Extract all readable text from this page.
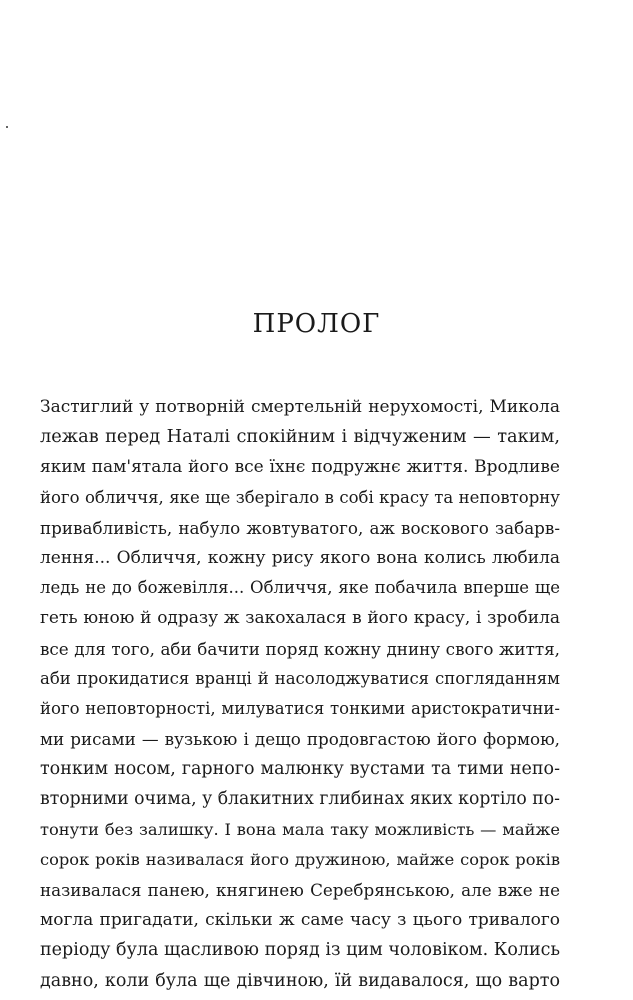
ПРОЛОГ
Застиглий у потворній смертельній нерухомості, Микола
лежав перед Наталі спокійним і відчуженим — таким,
яким пам'ятала його все їхнє подружнє життя. Вродливе
його обличчя, яке ще зберігало в собі красу та неповторну
привабливість, набуло жовтуватого, аж воскового забарв-
лення... Обличчя, кожну рису якого вона колись любила
ледь не до божевілля... Обличчя, яке побачила вперше ще
геть юною й одразу ж закохалася в його красу, і зробила
все для того, аби бачити поряд кожну днину свого життя,
аби прокидатися вранці й насолоджуватися спогляданням
його неповторності, милуватися тонкими аристократични-
ми рисами — вузькою і дещо продовгастою його формою,
тонким носом, гарного малюнку вустами та тими непо-
вторними очима, у блакитних глибинах яких кортіло по-
тонути без залишку. І вона мала таку можливість — майже
сорок років називалася його дружиною, майже сорок років
називалася панею, княгинею Серебрянською, але вже не
могла пригадати, скільки ж саме часу з цього тривалого
періоду була щасливою поряд із цим чоловіком. Колись
давно, коли була ще дівчиною, їй видавалося, що варто
